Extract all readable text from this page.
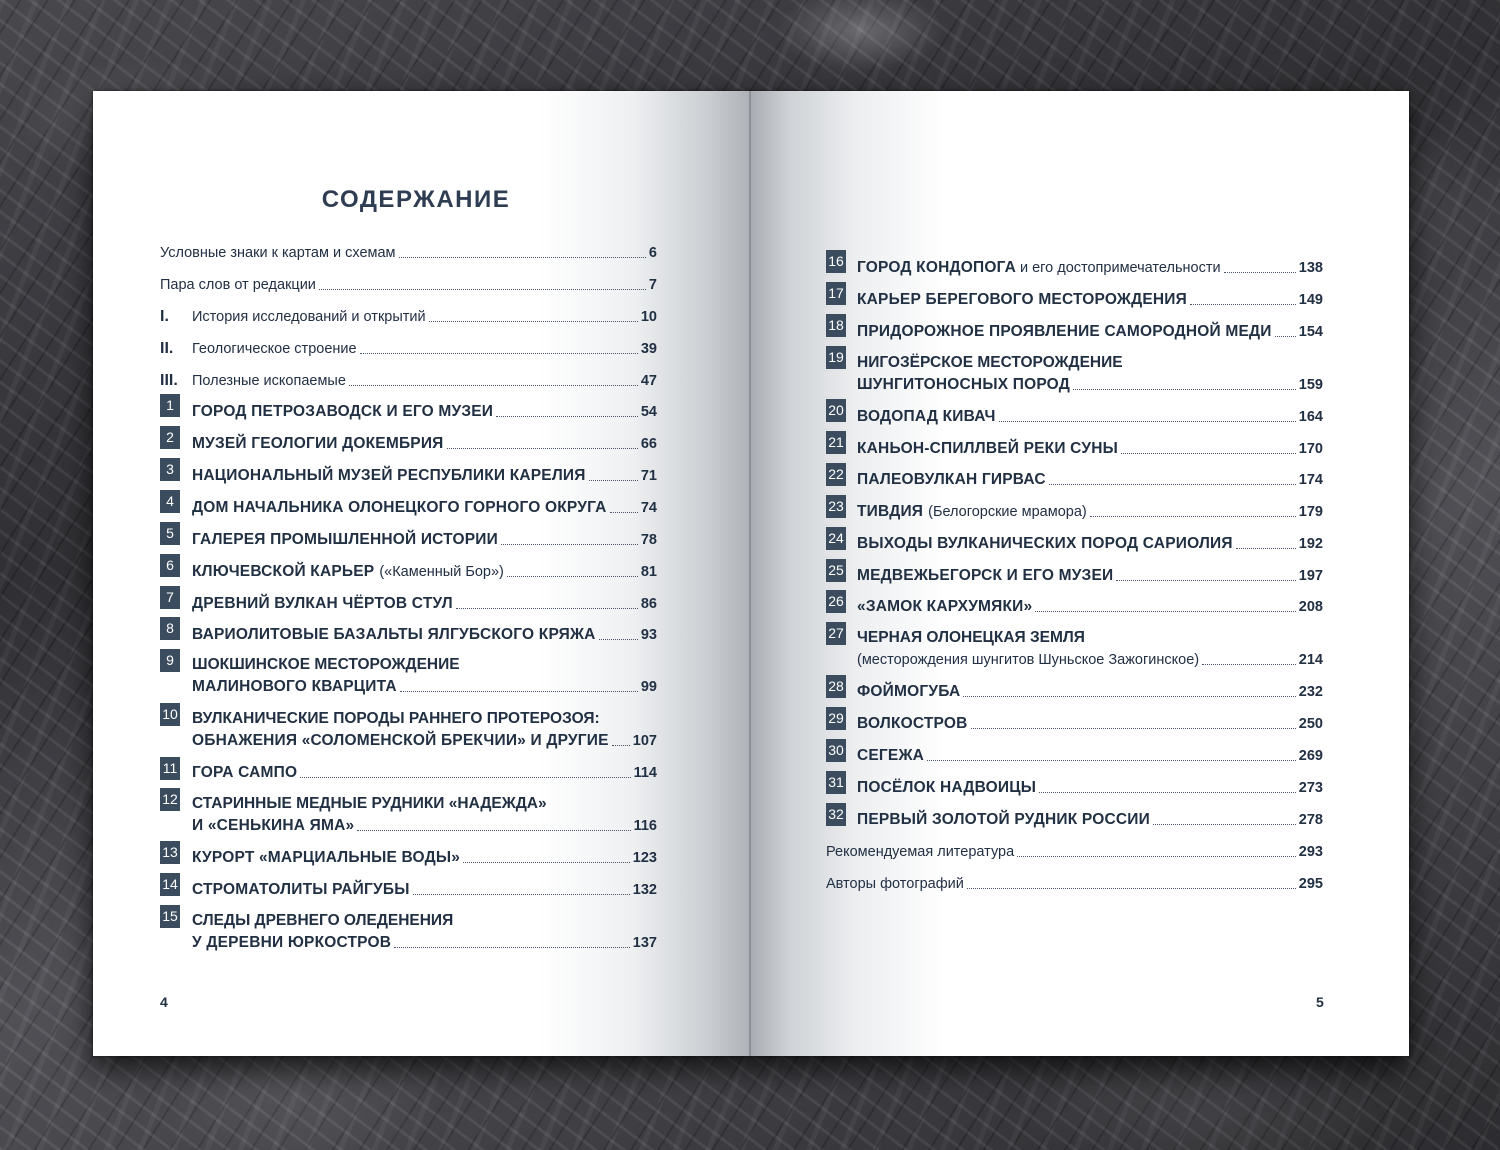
СОДЕРЖАНИЕ
Условные знаки к картам и схемам	6
Пара слов от редакции	7
I. История исследований и открытий	10
II. Геологическое строение	39
III. Полезные ископаемые	47
1	ГОРОД ПЕТРОЗАВОДСК И ЕГО МУЗЕИ	54
2	МУЗЕЙ ГЕОЛОГИИ ДОКЕМБРИЯ	66
3	НАЦИОНАЛЬНЫЙ МУЗЕЙ РЕСПУБЛИКИ КАРЕЛИЯ	71
4	ДОМ НАЧАЛЬНИКА ОЛОНЕЦКОГО ГОРНОГО ОКРУГА 74
5	ГАЛЕРЕЯ ПРОМЫШЛЕННОЙ ИСТОРИИ	78
6	КЛЮЧЕВСКОЙ КАРЬЕР («Каменный Бор»)	81
7	ДРЕВНИЙ ВУЛКАН ЧЁРТОВ СТУЛ	86
8	ВАРИОЛИТОВЫЕ БАЗАЛЬТЫ ЯЛГУБСКОГО КРЯЖА	93
9	ШОКШИНСКОЕ МЕСТОРОЖДЕНИЕ
МАЛИНОВОГО КВАРЦИТА	99
10 ВУЛКАНИЧЕСКИЕ ПОРОДЫ РАННЕГО ПРОТЕРОЗОЯ:
ОБНАЖЕНИЯ «СОЛОМЕНСКОЙ БРЕКЧИИ» И ДРУГИЕ 107
11 ГОРА САМПО	114
12 СТАРИННЫЕ МЕДНЫЕ РУДНИКИ «НАДЕЖДА»
И «СЕНЬКИНА ЯМА»	116
13 КУРОРТ «МАРЦИАЛЬНЫЕ ВОДЫ»	123
14 СТРОМАТОЛИТЫ РАЙГУБЫ	132
15 СЛЕДЫ ДРЕВНЕГО ОЛЕДЕНЕНИЯ
У ДЕРЕВНИ ЮРКОСТРОВ	137
4
16 ГОРОД КОНДОПОГА и его достопримечательности	138
17 КАРЬЕР БЕРЕГОВОГО МЕСТОРОЖДЕНИЯ	149
18 ПРИДОРОЖНОЕ ПРОЯВЛЕНИЕ САМОРОДНОЙ МЕДИ 154
19 НИГОЗЁРСКОЕ МЕСТОРОЖДЕНИЕ
ШУНГИТОНОСНЫХ ПОРОД	159
20 ВОДОПАД КИВАЧ	164
21 КАНЬОН-СПИЛЛВЕЙ РЕКИ СУНЫ	170
22 ПАЛЕОВУЛКАН ГИРВАС	174
23 ТИВДИЯ (Белогорские мрамора)	179
24 ВЫХОДЫ ВУЛКАНИЧЕСКИХ ПОРОД САРИОЛИЯ	192
25 МЕДВЕЖЬЕГОРСК И ЕГО МУЗЕИ	197
26 «ЗАМОК КАРХУМЯКИ»	208
27 ЧЕРНАЯ ОЛОНЕЦКАЯ ЗЕМЛЯ
(месторождения шунгитов Шуньское Зажогинское)	214
28 ФОЙМОГУБА	232
29 ВОЛКОСТРОВ	250
30 СЕГЕЖА	269
31 ПОСЁЛОК НАДВОИЦЫ	273
32 ПЕРВЫЙ ЗОЛОТОЙ РУДНИК РОССИИ	278
Рекомендуемая литература	293
Авторы фотографий	295
5
